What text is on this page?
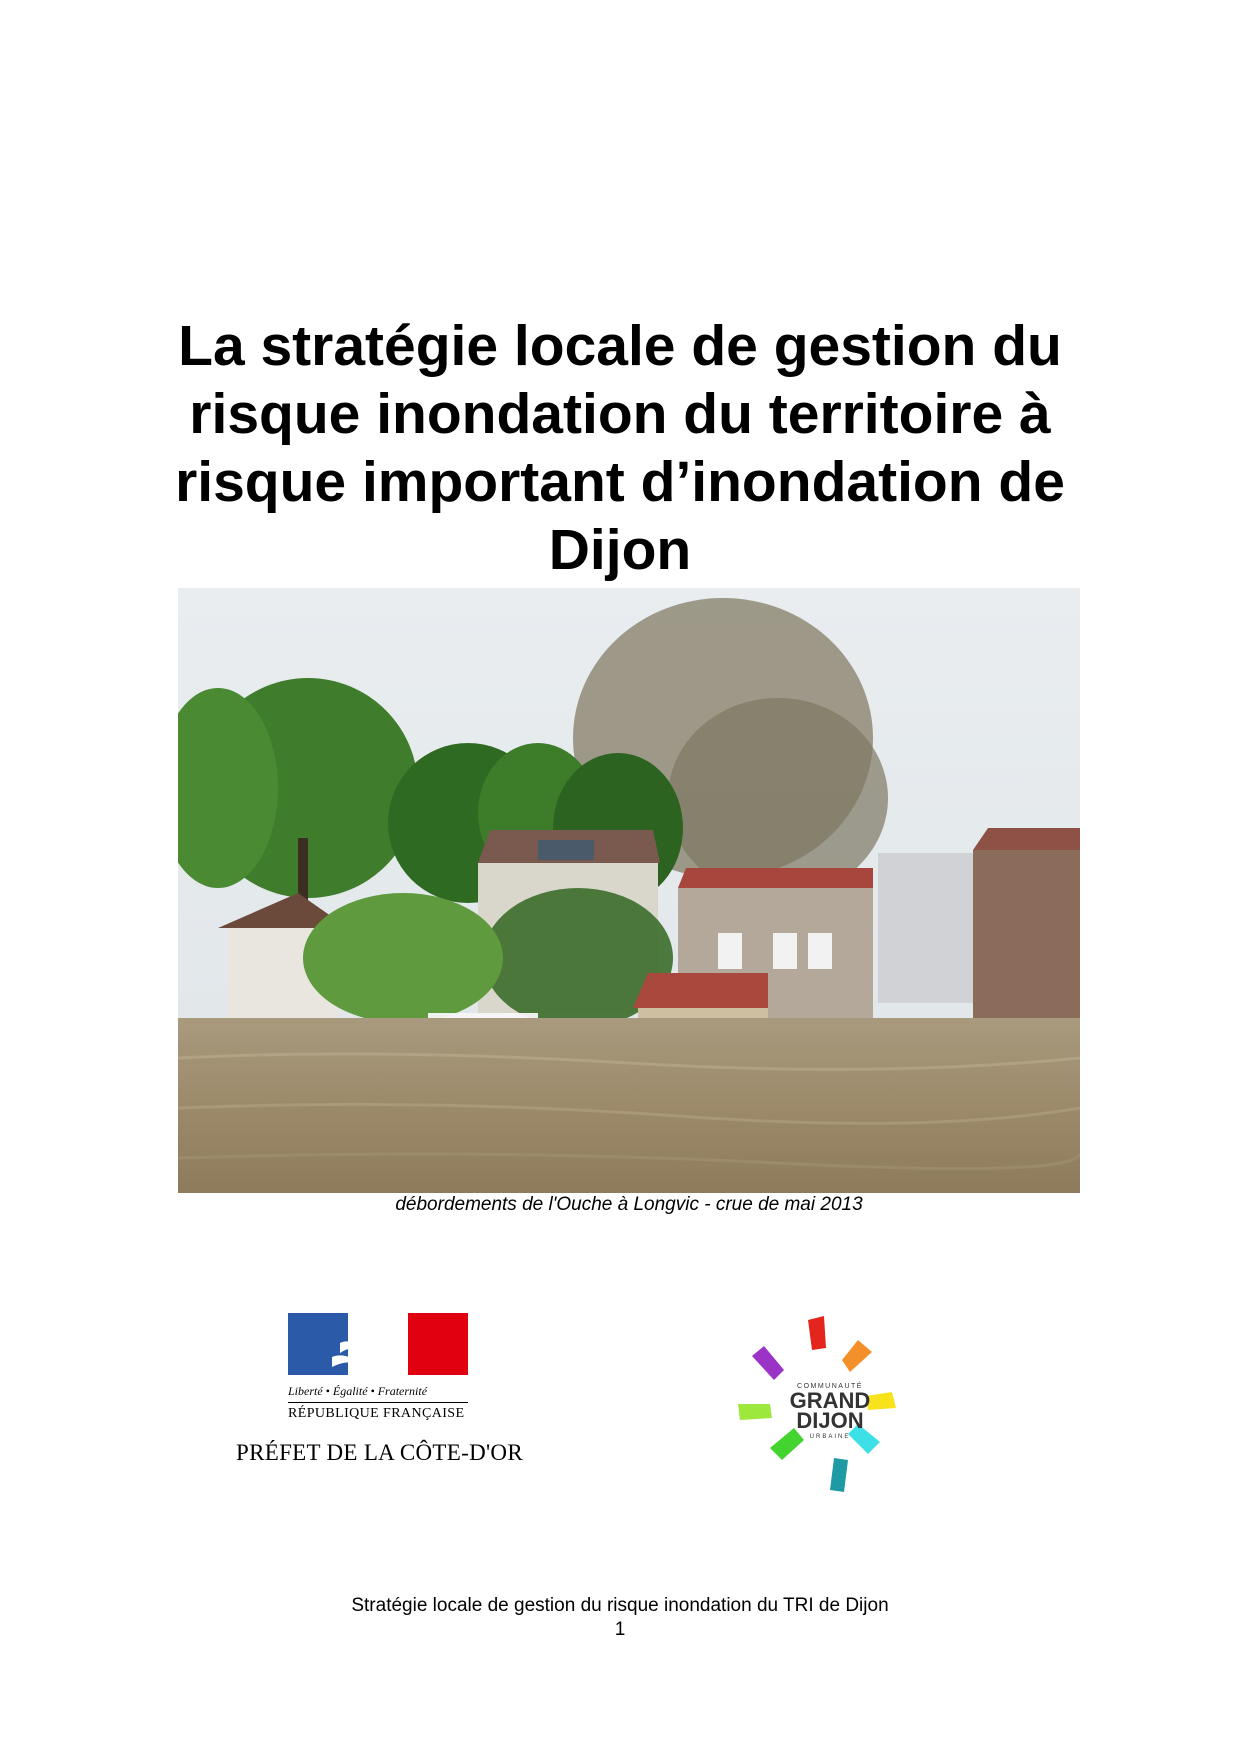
La stratégie locale de gestion du
risque inondation du territoire à
risque important d’inondation de
Dijon
débordements de l'Ouche à Longvic - crue de mai 2013
Liberté • Égalité • Fraternité
RÉPUBLIQUE FRANÇAISE
PRÉFET DE LA CÔTE-D'OR
COMMUNAUTÉ
GRAND
DIJON
URBAINE
Stratégie locale de gestion du risque inondation du TRI de Dijon
1
